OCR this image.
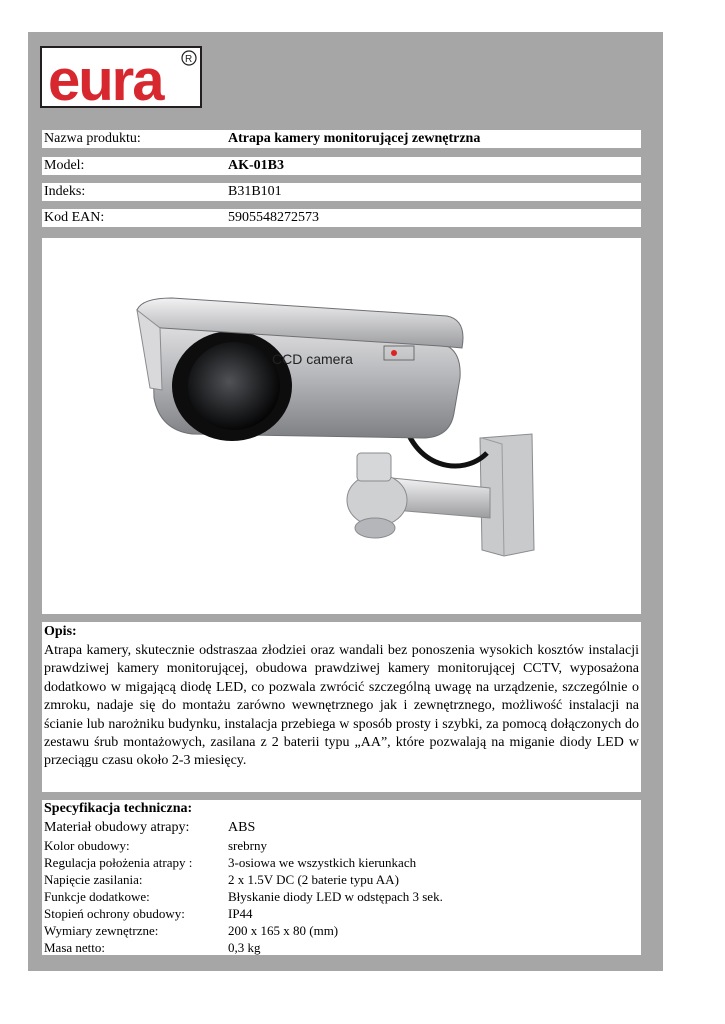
eura R
Nazwa produktu:	Atrapa kamery monitorującej zewnętrzna
Model:	AK-01B3
Indeks:	B31B101
Kod EAN:	5905548272573
CCD camera
Opis:
Atrapa kamery, skutecznie odstraszaa złodziei oraz wandali bez ponoszenia wysokich kosztów instalacji prawdziwej kamery monitorującej, obudowa prawdziwej kamery monitorującej CCTV, wyposażona dodatkowo w migającą diodę LED, co pozwala zwrócić szczególną uwagę na urządzenie, szczególnie o zmroku, nadaje się do montażu zarówno wewnętrznego jak i zewnętrznego, możliwość instalacji na ścianie lub narożniku budynku, instalacja przebiega w sposób prosty i szybki, za pomocą dołączonych do zestawu śrub montażowych, zasilana z 2 baterii typu „AA”, które pozwalają na miganie diody LED w przeciągu czasu około 2-3 miesięcy.
Specyfikacja techniczna:
Materiał obudowy atrapy:	ABS
Kolor obudowy:	srebrny
Regulacja położenia atrapy :	3-osiowa we wszystkich kierunkach
Napięcie zasilania:	2 x 1.5V DC (2 baterie typu AA)
Funkcje dodatkowe:	Błyskanie diody LED w odstępach 3 sek.
Stopień ochrony obudowy:	IP44
Wymiary zewnętrzne:	200 x 165 x 80 (mm)
Masa netto:	0,3 kg
